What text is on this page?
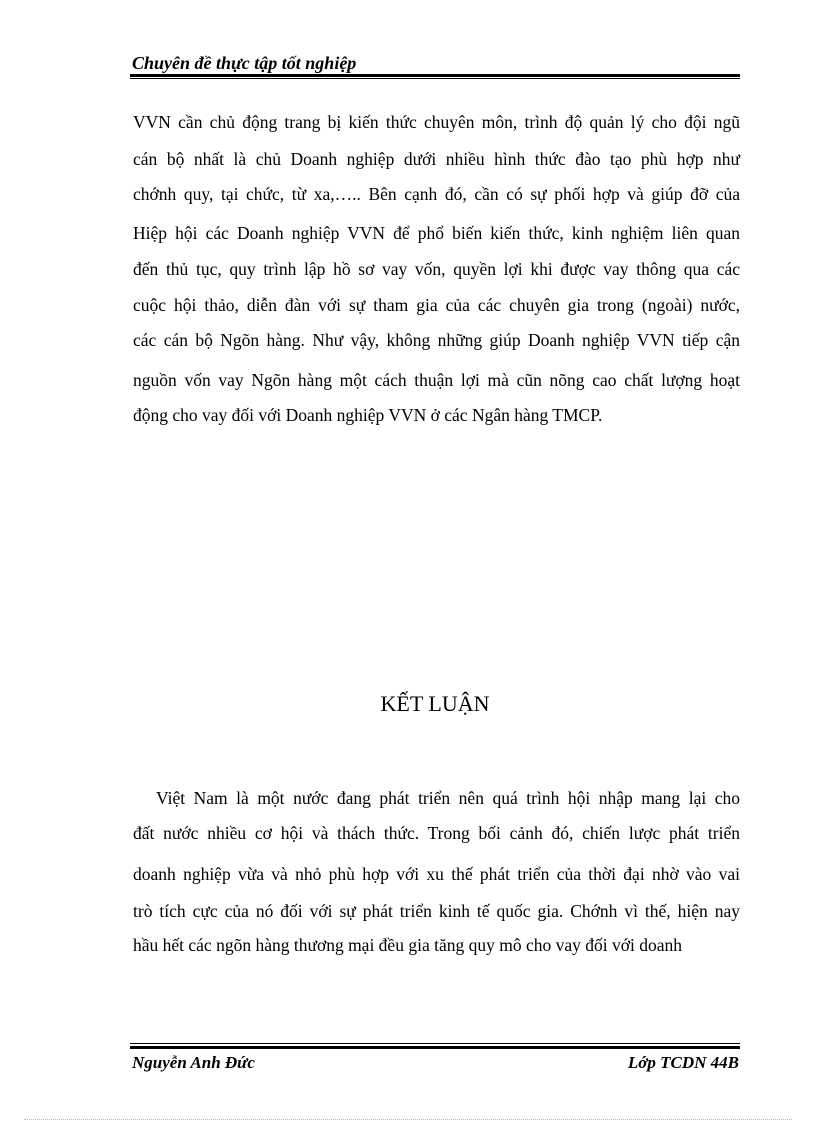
Chuyên đề thực tập tốt nghiệp
VVN cần chủ động trang bị kiến thức chuyên môn, trình độ quản lý cho đội ngũ
cán bộ nhất là chủ Doanh nghiệp dưới nhiều hình thức đào tạo phù hợp như
chớnh quy, tại chức, từ xa,….. Bên cạnh đó, cần có sự phối hợp và giúp đỡ của
Hiệp hội các Doanh nghiệp VVN để phổ biến kiến thức, kinh nghiệm liên quan
đến thủ tục, quy trình lập hồ sơ vay vốn, quyền lợi khi được vay thông qua các
cuộc hội thảo, diễn đàn với sự tham gia của các chuyên gia trong (ngoài) nước,
các cán bộ Ngõn hàng. Như vậy, không những giúp Doanh nghiệp VVN tiếp cận
nguồn vốn vay Ngõn hàng một cách thuận lợi mà cũn nõng cao chất lượng hoạt
động cho vay đối với Doanh nghiệp VVN ở các Ngân hàng TMCP.
KẾT LUẬN
Việt Nam là một nước đang phát triển nên quá trình hội nhập mang lại cho
đất nước nhiều cơ hội và thách thức. Trong bối cảnh đó, chiến lược phát triển
doanh nghiệp vừa và nhỏ phù hợp với xu thế phát triển của thời đại nhờ vào vai
trò tích cực của nó đối với sự phát triển kinh tế quốc gia. Chớnh vì thế, hiện nay
hầu hết các ngõn hàng thương mại đều gia tăng quy mô cho vay đối với doanh
Nguyễn Anh Đức	Lớp TCDN 44B
